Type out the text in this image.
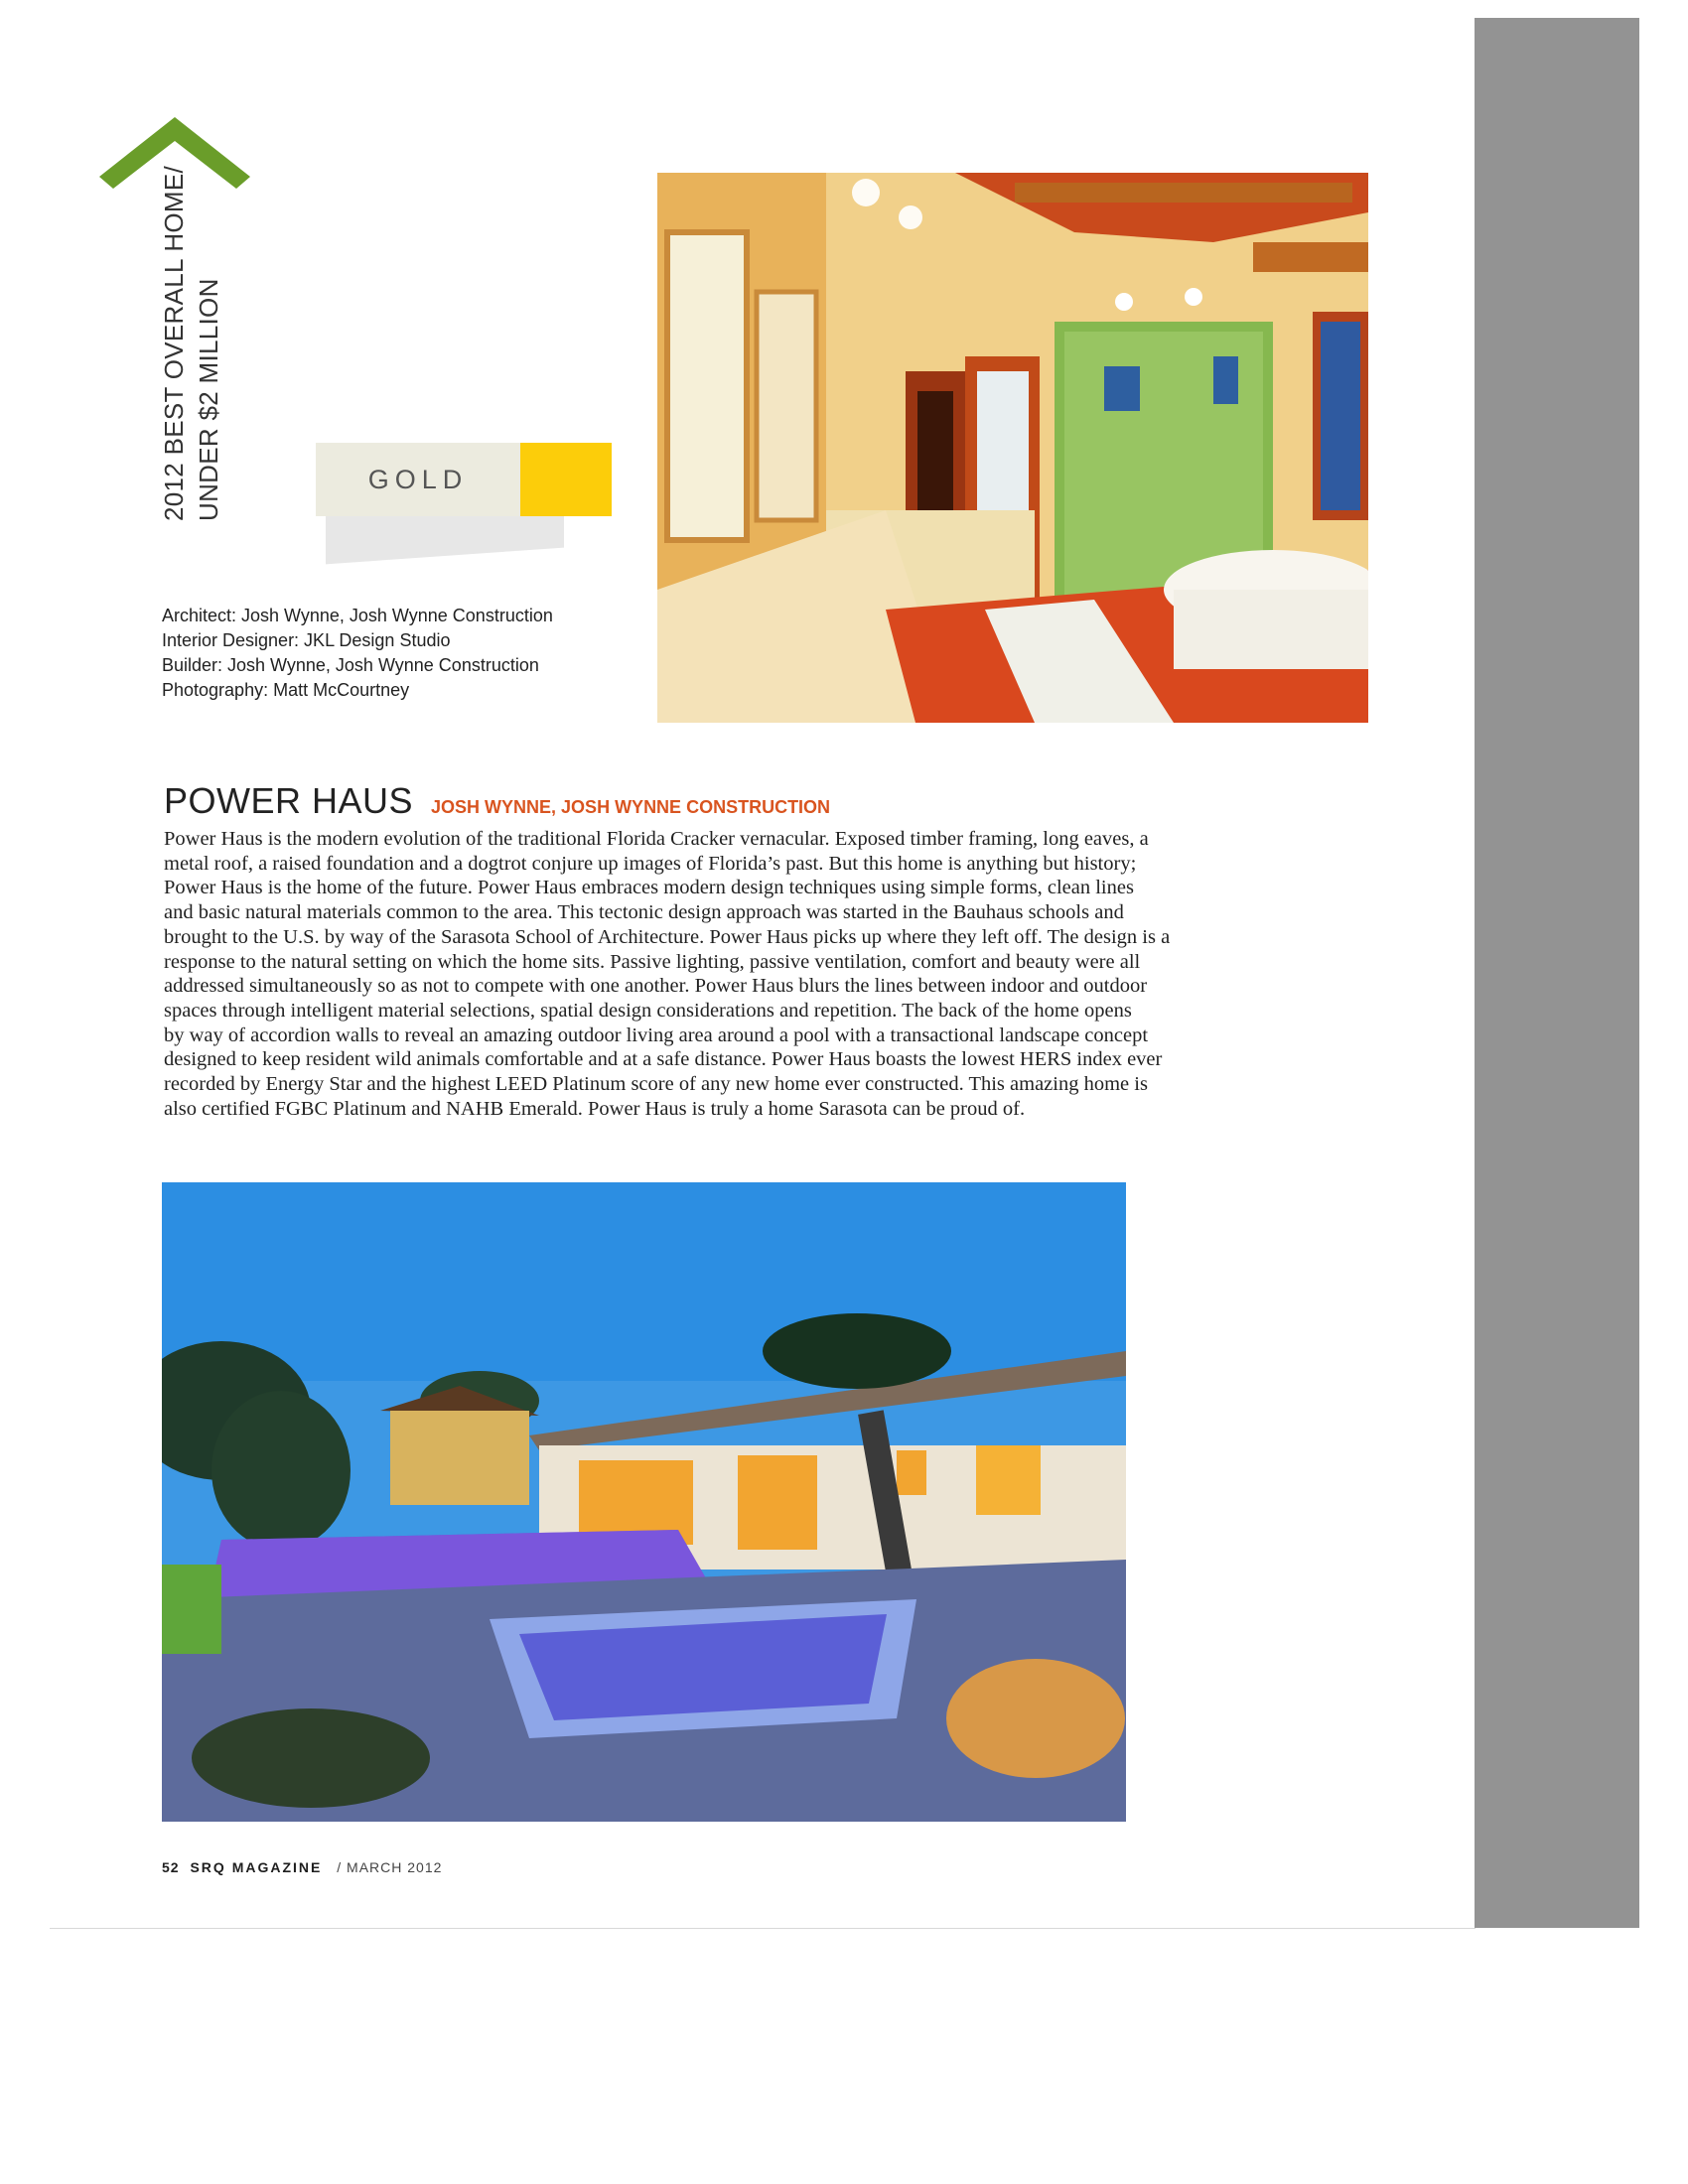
2012 BEST OVERALL HOME/ UNDER $2 MILLION	GOLD
Architect: Josh Wynne, Josh Wynne Construction
Interior Designer: JKL Design Studio
Builder: Josh Wynne, Josh Wynne Construction
Photography: Matt McCourtney
POWER HAUS JOSH WYNNE, JOSH WYNNE CONSTRUCTION
Power Haus is the modern evolution of the traditional Florida Cracker vernacular. Exposed timber framing, long eaves, a
metal roof, a raised foundation and a dogtrot conjure up images of Florida’s past. But this home is anything but history;
Power Haus is the home of the future. Power Haus embraces modern design techniques using simple forms, clean lines
and basic natural materials common to the area. This tectonic design approach was started in the Bauhaus schools and
brought to the U.S. by way of the Sarasota School of Architecture. Power Haus picks up where they left off. The design is a
response to the natural setting on which the home sits. Passive lighting, passive ventilation, comfort and beauty were all
addressed simultaneously so as not to compete with one another. Power Haus blurs the lines between indoor and outdoor
spaces through intelligent material selections, spatial design considerations and repetition. The back of the home opens
by way of accordion walls to reveal an amazing outdoor living area around a pool with a transactional landscape concept
designed to keep resident wild animals comfortable and at a safe distance. Power Haus boasts the lowest HERS index ever
recorded by Energy Star and the highest LEED Platinum score of any new home ever constructed. This amazing home is
also certified FGBC Platinum and NAHB Emerald. Power Haus is truly a home Sarasota can be proud of.
52 SRQ MAGAZINE / MARCH 2012
